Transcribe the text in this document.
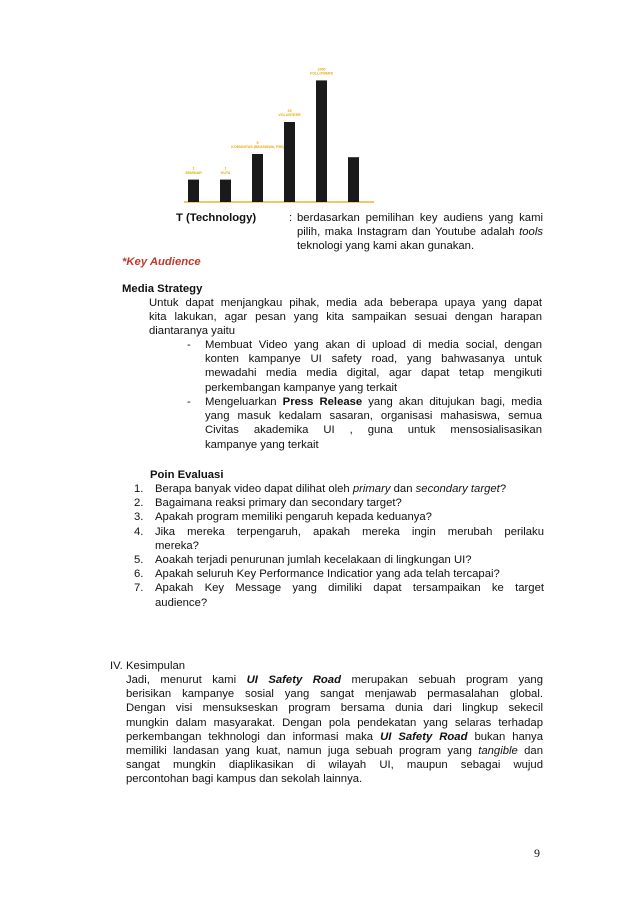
1
SEMINAR
1
KUTA
5
KOMUNITAS (BEASISWA, PMI)
25
VOLUNTEER
1000
FOLLOWERS
T (Technology)	: berdasarkan pemilihan key audiens yang kami
pilih, maka Instagram dan Youtube adalah tools
teknologi yang kami akan gunakan.
*Key Audience
Media Strategy
Untuk dapat menjangkau pihak, media ada beberapa upaya yang dapat
kita lakukan, agar pesan yang kita sampaikan sesuai dengan harapan
diantaranya yaitu
- Membuat Video yang akan di upload di media social, dengan
konten kampanye UI safety road, yang bahwasanya untuk
mewadahi media media digital, agar dapat tetap mengikuti
perkembangan kampanye yang terkait
- Mengeluarkan Press Release yang akan ditujukan bagi, media
yang masuk kedalam sasaran, organisasi mahasiswa, semua
Civitas akademika UI , guna untuk mensosialisasikan
kampanye yang terkait
Poin Evaluasi
1. Berapa banyak video dapat dilihat oleh primary dan secondary target?
2. Bagaimana reaksi primary dan secondary target?
3. Apakah program memiliki pengaruh kepada keduanya?
4. Jika mereka terpengaruh, apakah mereka ingin merubah perilaku
mereka?
5. Aoakah terjadi penurunan jumlah kecelakaan di lingkungan UI?
6. Apakah seluruh Key Performance Indicatior yang ada telah tercapai?
7. Apakah Key Message yang dimiliki dapat tersampaikan ke target
audience?
IV. Kesimpulan
Jadi, menurut kami UI Safety Road merupakan sebuah program yang
berisikan kampanye sosial yang sangat menjawab permasalahan global.
Dengan visi mensukseskan program bersama dunia dari lingkup sekecil
mungkin dalam masyarakat. Dengan pola pendekatan yang selaras terhadap
perkembangan tekhnologi dan informasi maka UI Safety Road bukan hanya
memiliki landasan yang kuat, namun juga sebuah program yang tangible dan
sangat mungkin diaplikasikan di wilayah UI, maupun sebagai wujud
percontohan bagi kampus dan sekolah lainnya.
9
